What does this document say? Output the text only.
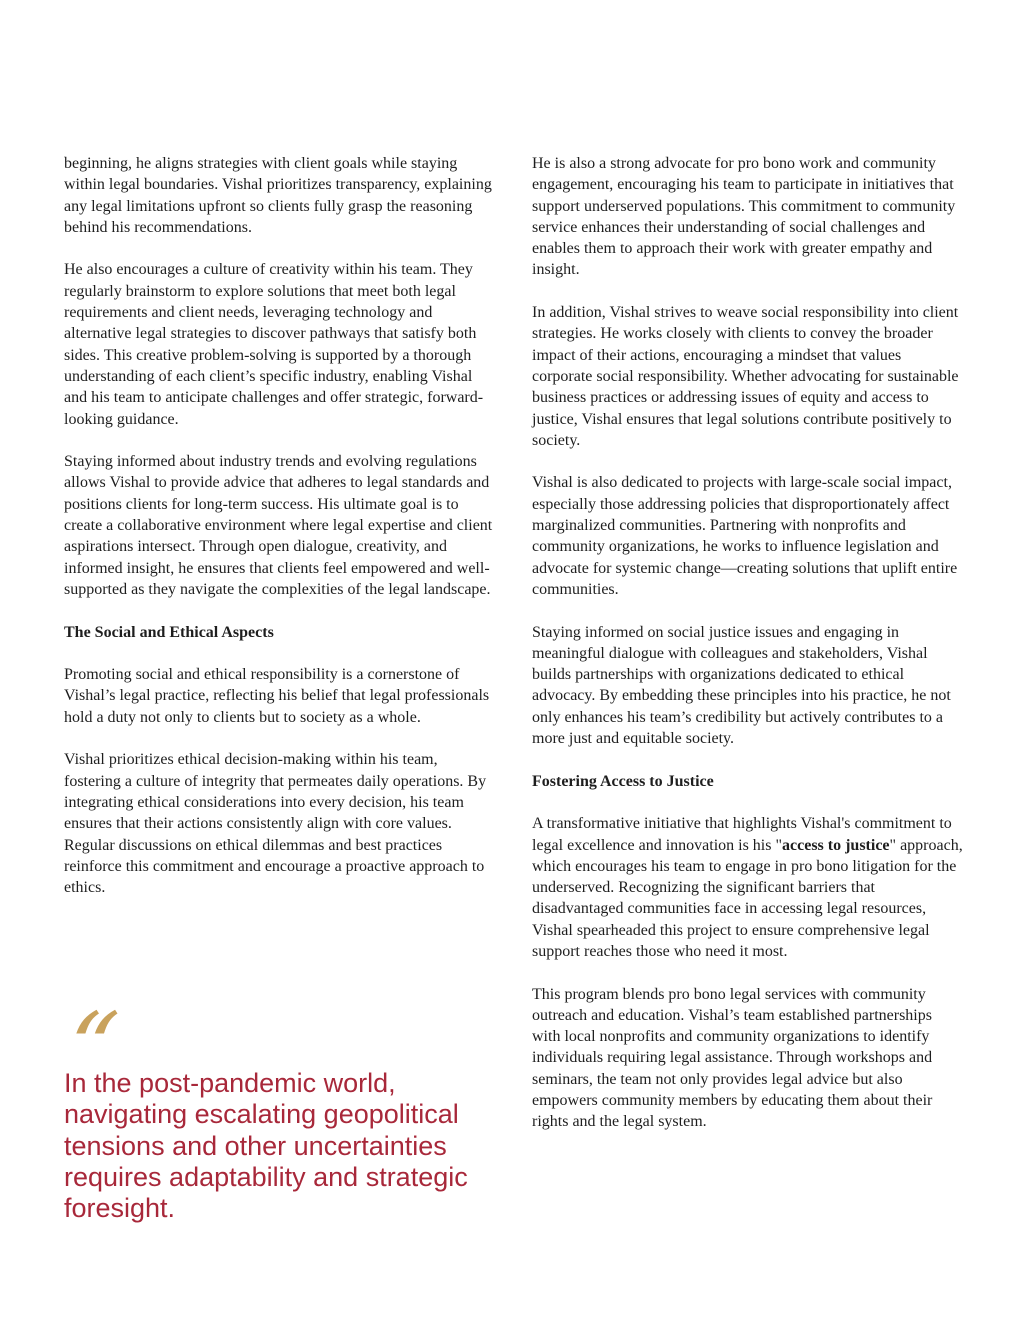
beginning, he aligns strategies with client goals while staying within legal boundaries. Vishal prioritizes transparency, explaining any legal limitations upfront so clients fully grasp the reasoning behind his recommendations.

He also encourages a culture of creativity within his team. They regularly brainstorm to explore solutions that meet both legal requirements and client needs, leveraging technology and alternative legal strategies to discover pathways that satisfy both sides. This creative problem-solving is supported by a thorough understanding of each client’s specific industry, enabling Vishal and his team to anticipate challenges and offer strategic, forward-looking guidance.

Staying informed about industry trends and evolving regulations allows Vishal to provide advice that adheres to legal standards and positions clients for long-term success. His ultimate goal is to create a collaborative environment where legal expertise and client aspirations intersect. Through open dialogue, creativity, and informed insight, he ensures that clients feel empowered and well-supported as they navigate the complexities of the legal landscape.

The Social and Ethical Aspects

Promoting social and ethical responsibility is a cornerstone of Vishal’s legal practice, reflecting his belief that legal professionals hold a duty not only to clients but to society as a whole.

Vishal prioritizes ethical decision-making within his team, fostering a culture of integrity that permeates daily operations. By integrating ethical considerations into every decision, his team ensures that their actions consistently align with core values. Regular discussions on ethical dilemmas and best practices reinforce this commitment and encourage a proactive approach to ethics.

“
In the post-pandemic world, navigating escalating geopolitical tensions and other uncertainties requires adaptability and strategic foresight.

He is also a strong advocate for pro bono work and community engagement, encouraging his team to participate in initiatives that support underserved populations. This commitment to community service enhances their understanding of social challenges and enables them to approach their work with greater empathy and insight.

In addition, Vishal strives to weave social responsibility into client strategies. He works closely with clients to convey the broader impact of their actions, encouraging a mindset that values corporate social responsibility. Whether advocating for sustainable business practices or addressing issues of equity and access to justice, Vishal ensures that legal solutions contribute positively to society.

Vishal is also dedicated to projects with large-scale social impact, especially those addressing policies that disproportionately affect marginalized communities. Partnering with nonprofits and community organizations, he works to influence legislation and advocate for systemic change—creating solutions that uplift entire communities.

Staying informed on social justice issues and engaging in meaningful dialogue with colleagues and stakeholders, Vishal builds partnerships with organizations dedicated to ethical advocacy. By embedding these principles into his practice, he not only enhances his team’s credibility but actively contributes to a more just and equitable society.

Fostering Access to Justice

A transformative initiative that highlights Vishal's commitment to legal excellence and innovation is his "access to justice" approach, which encourages his team to engage in pro bono litigation for the underserved. Recognizing the significant barriers that disadvantaged communities face in accessing legal resources, Vishal spearheaded this project to ensure comprehensive legal support reaches those who need it most.

This program blends pro bono legal services with community outreach and education. Vishal’s team established partnerships with local nonprofits and community organizations to identify individuals requiring legal assistance. Through workshops and seminars, the team not only provides legal advice but also empowers community members by educating them about their rights and the legal system.
